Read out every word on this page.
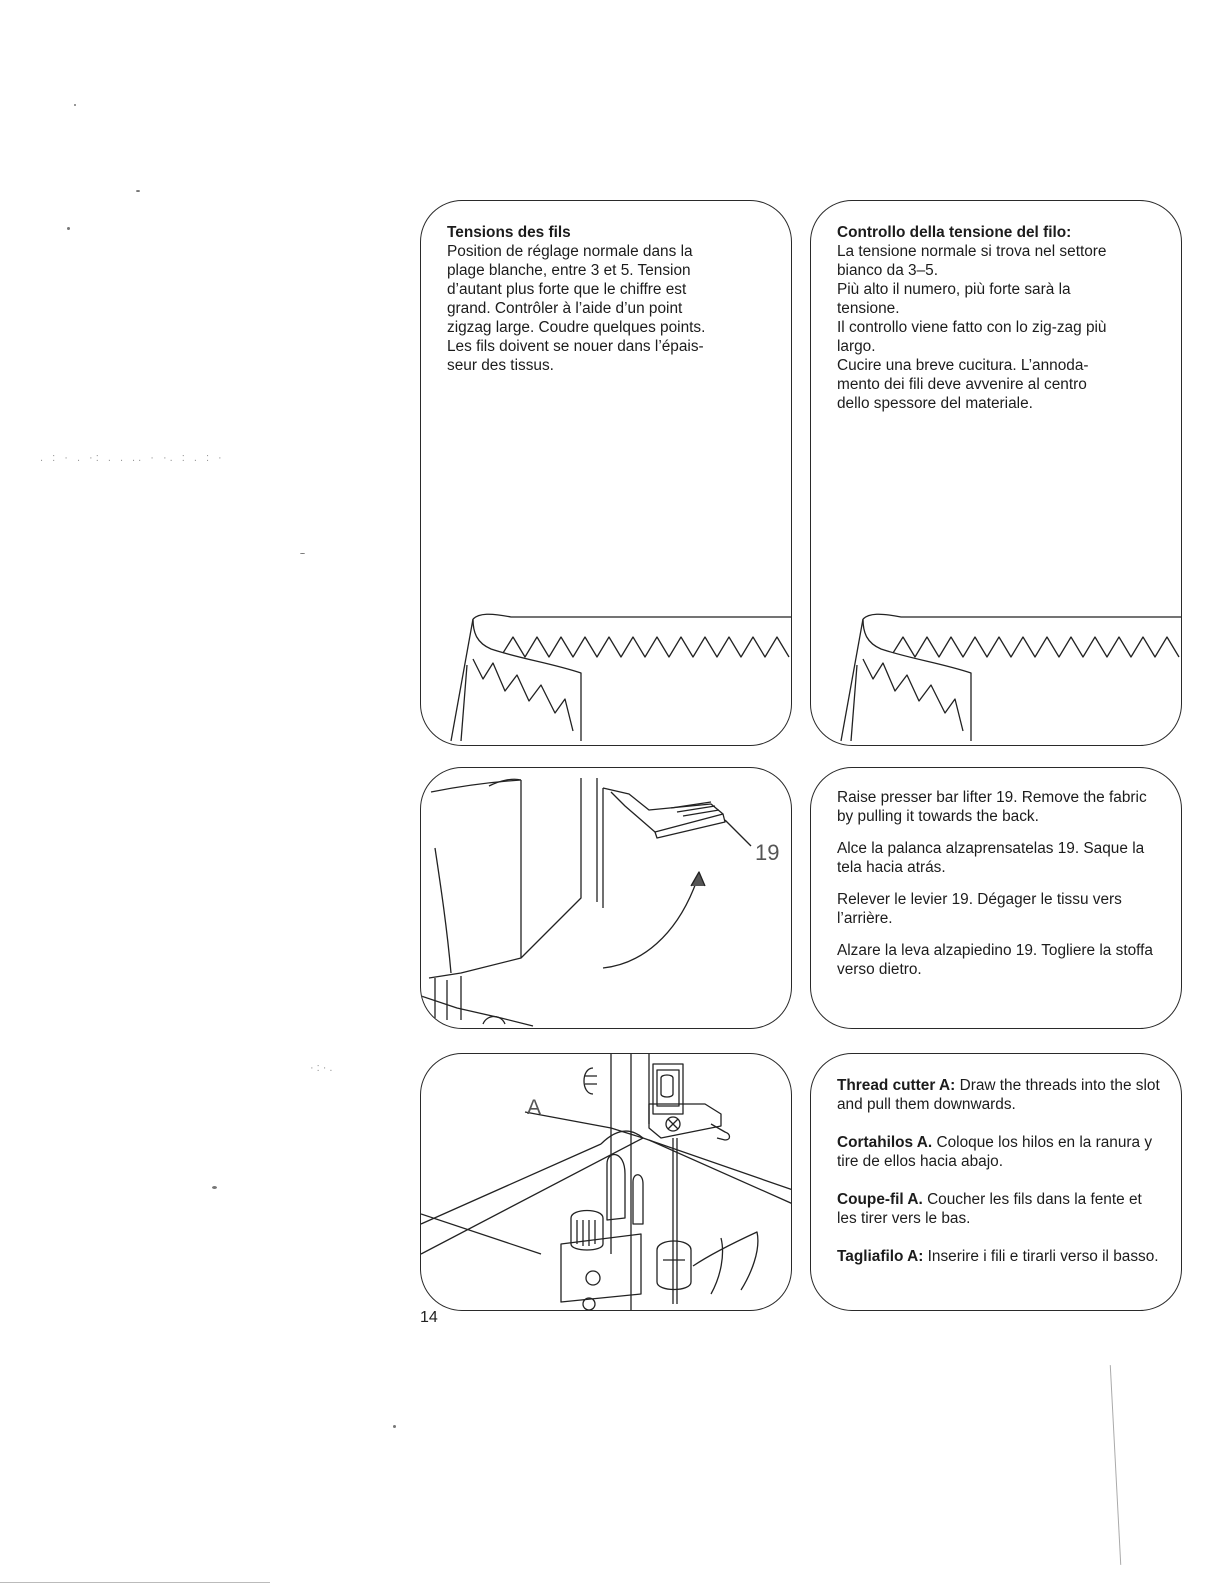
Tensions des fils
Position de réglage normale dans la
plage blanche, entre 3 et 5. Tension
d’autant plus forte que le chiffre est
grand. Contrôler à l’aide d’un point
zigzag large. Coudre quelques points.
Les fils doivent se nouer dans l’épais-
seur des tissus.
Controllo della tensione del filo:
La tensione normale si trova nel settore
bianco da 3–5.
Più alto il numero, più forte sarà la
tensione.
Il controllo viene fatto con lo zig-zag più
largo.
Cucire una breve cucitura. L’annoda-
mento dei fili deve avvenire al centro
dello spessore del materiale.
19

Raise presser bar lifter 19. Remove the fabric by pulling it towards the back.

Alce la palanca alzaprensatelas 19. Saque la tela hacia atrás.

Relever le levier 19. Dégager le tissu vers l’arrière.

Alzare la leva alzapiedino 19. Togliere la stoffa verso dietro.

A

Thread cutter A: Draw the threads into the slot and pull them downwards.

Cortahilos A. Coloque los hilos en la ranura y tire de ellos hacia abajo.

Coupe-fil A. Coucher les fils dans la fente et les tirer vers le bas.

Tagliafilo A: Inserire i fili e tirarli verso il basso.

14
. : · . ·: . . .. · ·. : . : ·
·:·.
